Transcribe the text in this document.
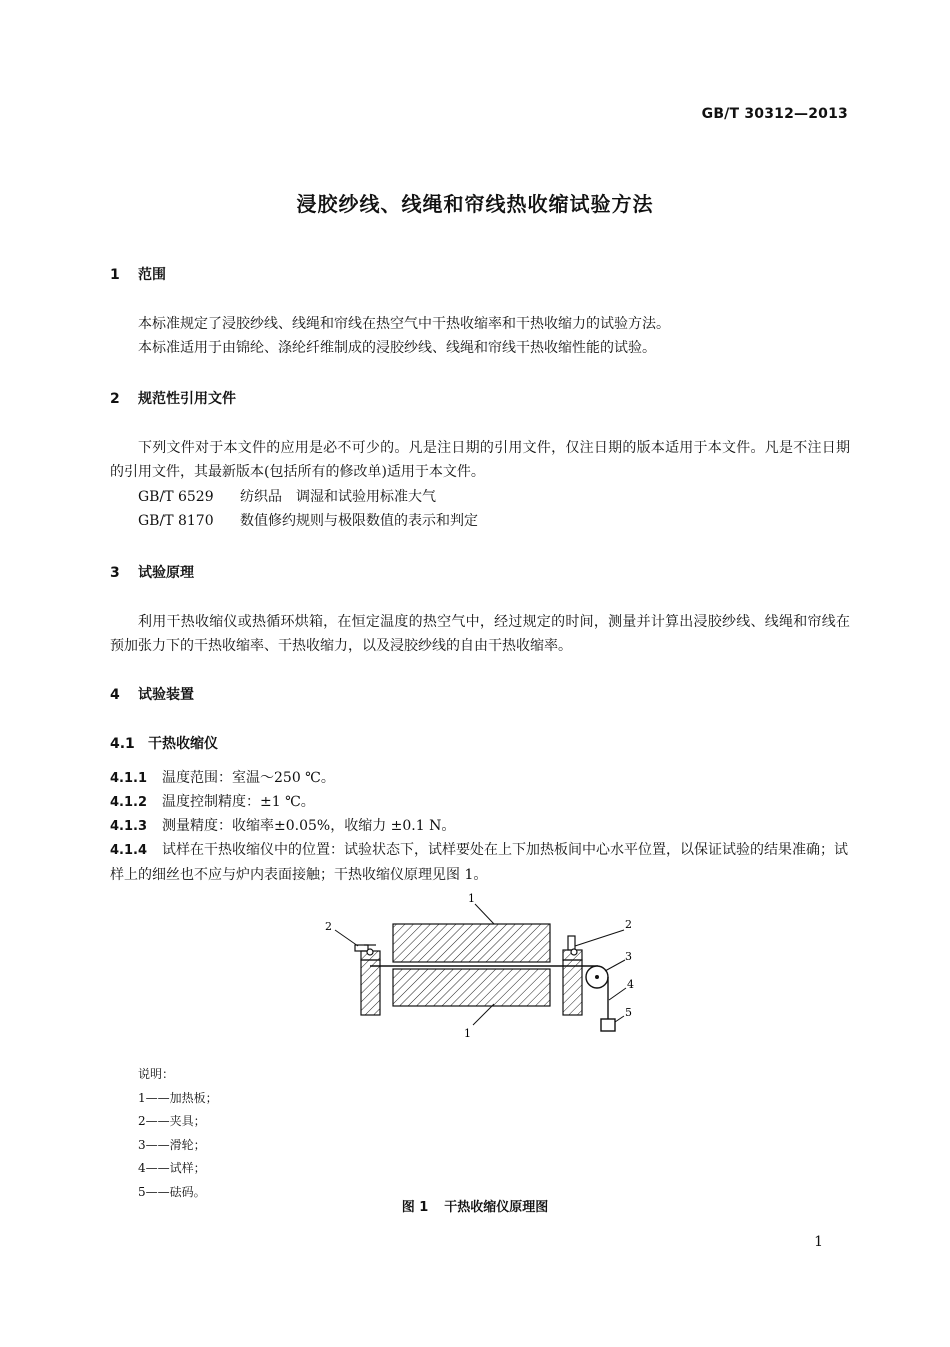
GB/T 30312—2013
浸胶纱线、线绳和帘线热收缩试验方法
1 范围
本标准规定了浸胶纱线、线绳和帘线在热空气中干热收缩率和干热收缩力的试验方法。
本标准适用于由锦纶、涤纶纤维制成的浸胶纱线、线绳和帘线干热收缩性能的试验。
2 规范性引用文件
下列文件对于本文件的应用是必不可少的。凡是注日期的引用文件，仅注日期的版本适用于本文件。凡是不注日期的引用文件，其最新版本(包括所有的修改单)适用于本文件。
GB/T 6529 纺织品　调湿和试验用标准大气
GB/T 8170 数值修约规则与极限数值的表示和判定
3 试验原理
利用干热收缩仪或热循环烘箱，在恒定温度的热空气中，经过规定的时间，测量并计算出浸胶纱线、线绳和帘线在预加张力下的干热收缩率、干热收缩力，以及浸胶纱线的自由干热收缩率。
4 试验装置
4.1 干热收缩仪
4.1.1 温度范围：室温～250 ℃。
4.1.2 温度控制精度：±1 ℃。
4.1.3 测量精度：收缩率±0.05%，收缩力 ±0.1 N。
4.1.4 试样在干热收缩仪中的位置：试验状态下，试样要处在上下加热板间中心水平位置，以保证试验的结果准确；试样上的细丝也不应与炉内表面接触；干热收缩仪原理见图 1。
1
1
2	2
3
4
5
说明：
1——加热板；
2——夹具；
3——滑轮；
4——试样；
5——砝码。
图 1 干热收缩仪原理图
1
